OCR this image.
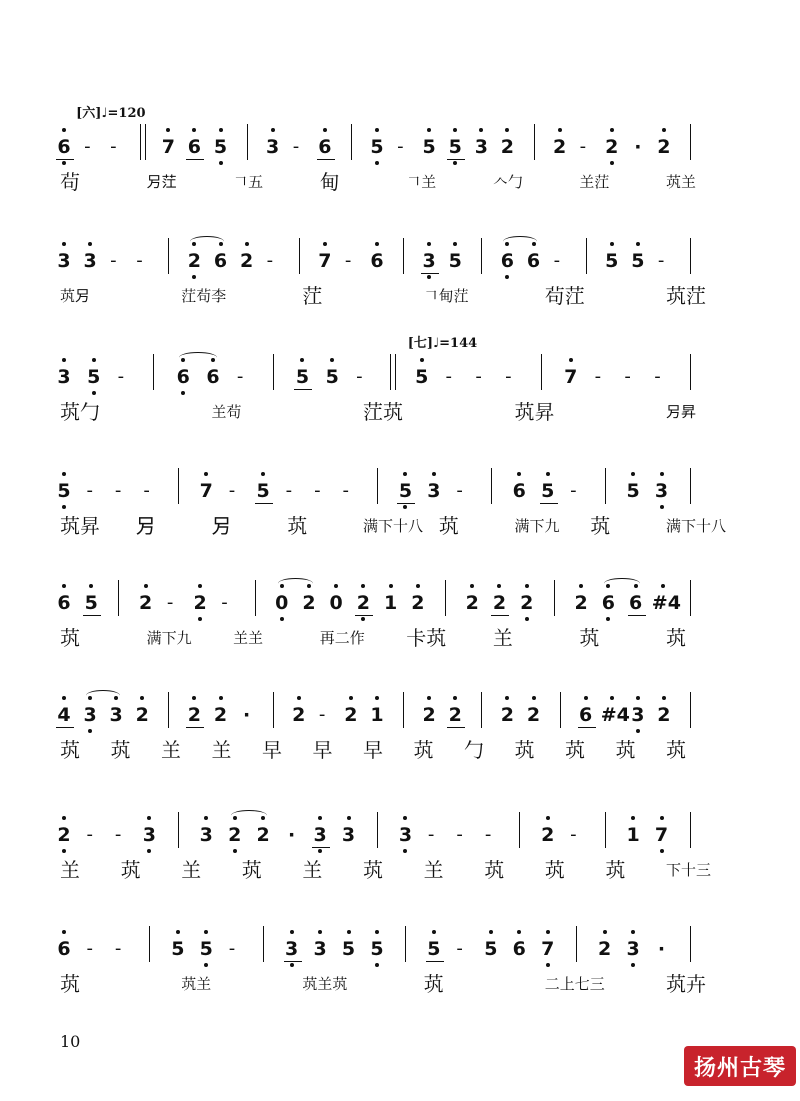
6 - - 7 6 5 3 - 6 5 - 5 5 3 2 2 - 2 · 2
[六]♩=120
茍	𠮠茳	𠃍五	甸	𠃍𦍌	𠆢勹	𦍌茳	茿𦍌
3 3 - - 2 6 2 - 7 - 6 3 5 6 6 - 5 5 -
茿𠮠	茳茍李	茳	𠃍甸茳	茍茳	茿茳
3 5 -	6 6 -	5 5 -	5 - - -	7 - - -
[七]♩=144
茿勹	𦍌茍	茳茿	茿昇	𠮠昇
5 - - -	7 - 5 - - -	5 3 -	6 5 -	5 3
茿昇 𠮠	𠮠	茿	满下十八 茿	满下九 茿	满下十八
6 5 2 - 2 - 0 2 0 2 1 2 2 2 2 2 6 6 #4
茿	满下九	𦍌𦍌	再二作 卡茿 𦍌	茿	茿
4 3 3 2 2 2 ·	2 - 2 1 2 2 2 2 6 #4 3 2
茿 茿 𦍌 𦍌 早 早 早 茿 勹 茿 茿 茿 茿
2 - - 3 3 2 2 · 3 3 3 - - -	2 -	1 7
𦍌 茿 𦍌 茿 𦍌 茿 𦍌 茿 茿 茿	下十三
6 - -	5 5 -	3 3 5 5 5 - 5 6 7 2 3 ·
茿	茿𦍌	茿𦍌茿	茿	二上七三	茿卉
10
扬州古琴
